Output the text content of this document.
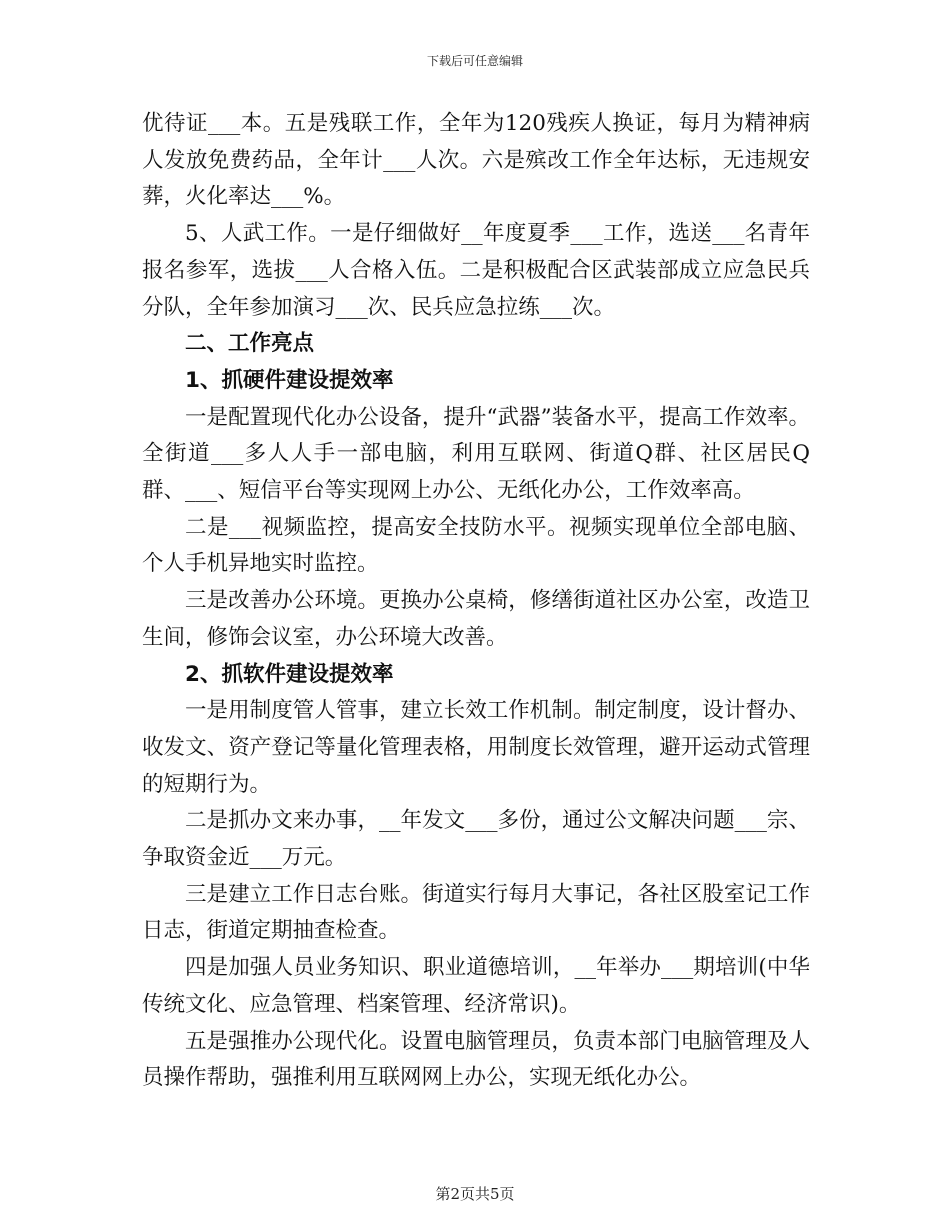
下载后可任意编辑

优待证___本。五是残联工作，全年为120残疾人换证，每月为精神病人发放免费药品，全年计___人次。六是殡改工作全年达标，无违规安葬，火化率达___%。

5、人武工作。一是仔细做好__年度夏季___工作，选送___名青年报名参军，选拔___人合格入伍。二是积极配合区武装部成立应急民兵分队，全年参加演习___次、民兵应急拉练___次。

二、工作亮点

1、抓硬件建设提效率

一是配置现代化办公设备，提升“武器”装备水平，提高工作效率。全街道___多人人手一部电脑，利用互联网、街道Q群、社区居民Q群、___、短信平台等实现网上办公、无纸化办公，工作效率高。

二是___视频监控，提高安全技防水平。视频实现单位全部电脑、个人手机异地实时监控。

三是改善办公环境。更换办公桌椅，修缮街道社区办公室，改造卫生间，修饰会议室，办公环境大改善。

2、抓软件建设提效率

一是用制度管人管事，建立长效工作机制。制定制度，设计督办、收发文、资产登记等量化管理表格，用制度长效管理，避开运动式管理的短期行为。

二是抓办文来办事，__年发文___多份，通过公文解决问题___宗、争取资金近___万元。

三是建立工作日志台账。街道实行每月大事记，各社区股室记工作日志，街道定期抽查检查。

四是加强人员业务知识、职业道德培训，__年举办___期培训(中华传统文化、应急管理、档案管理、经济常识)。

五是强推办公现代化。设置电脑管理员，负责本部门电脑管理及人员操作帮助，强推利用互联网网上办公，实现无纸化办公。

第2页共5页
